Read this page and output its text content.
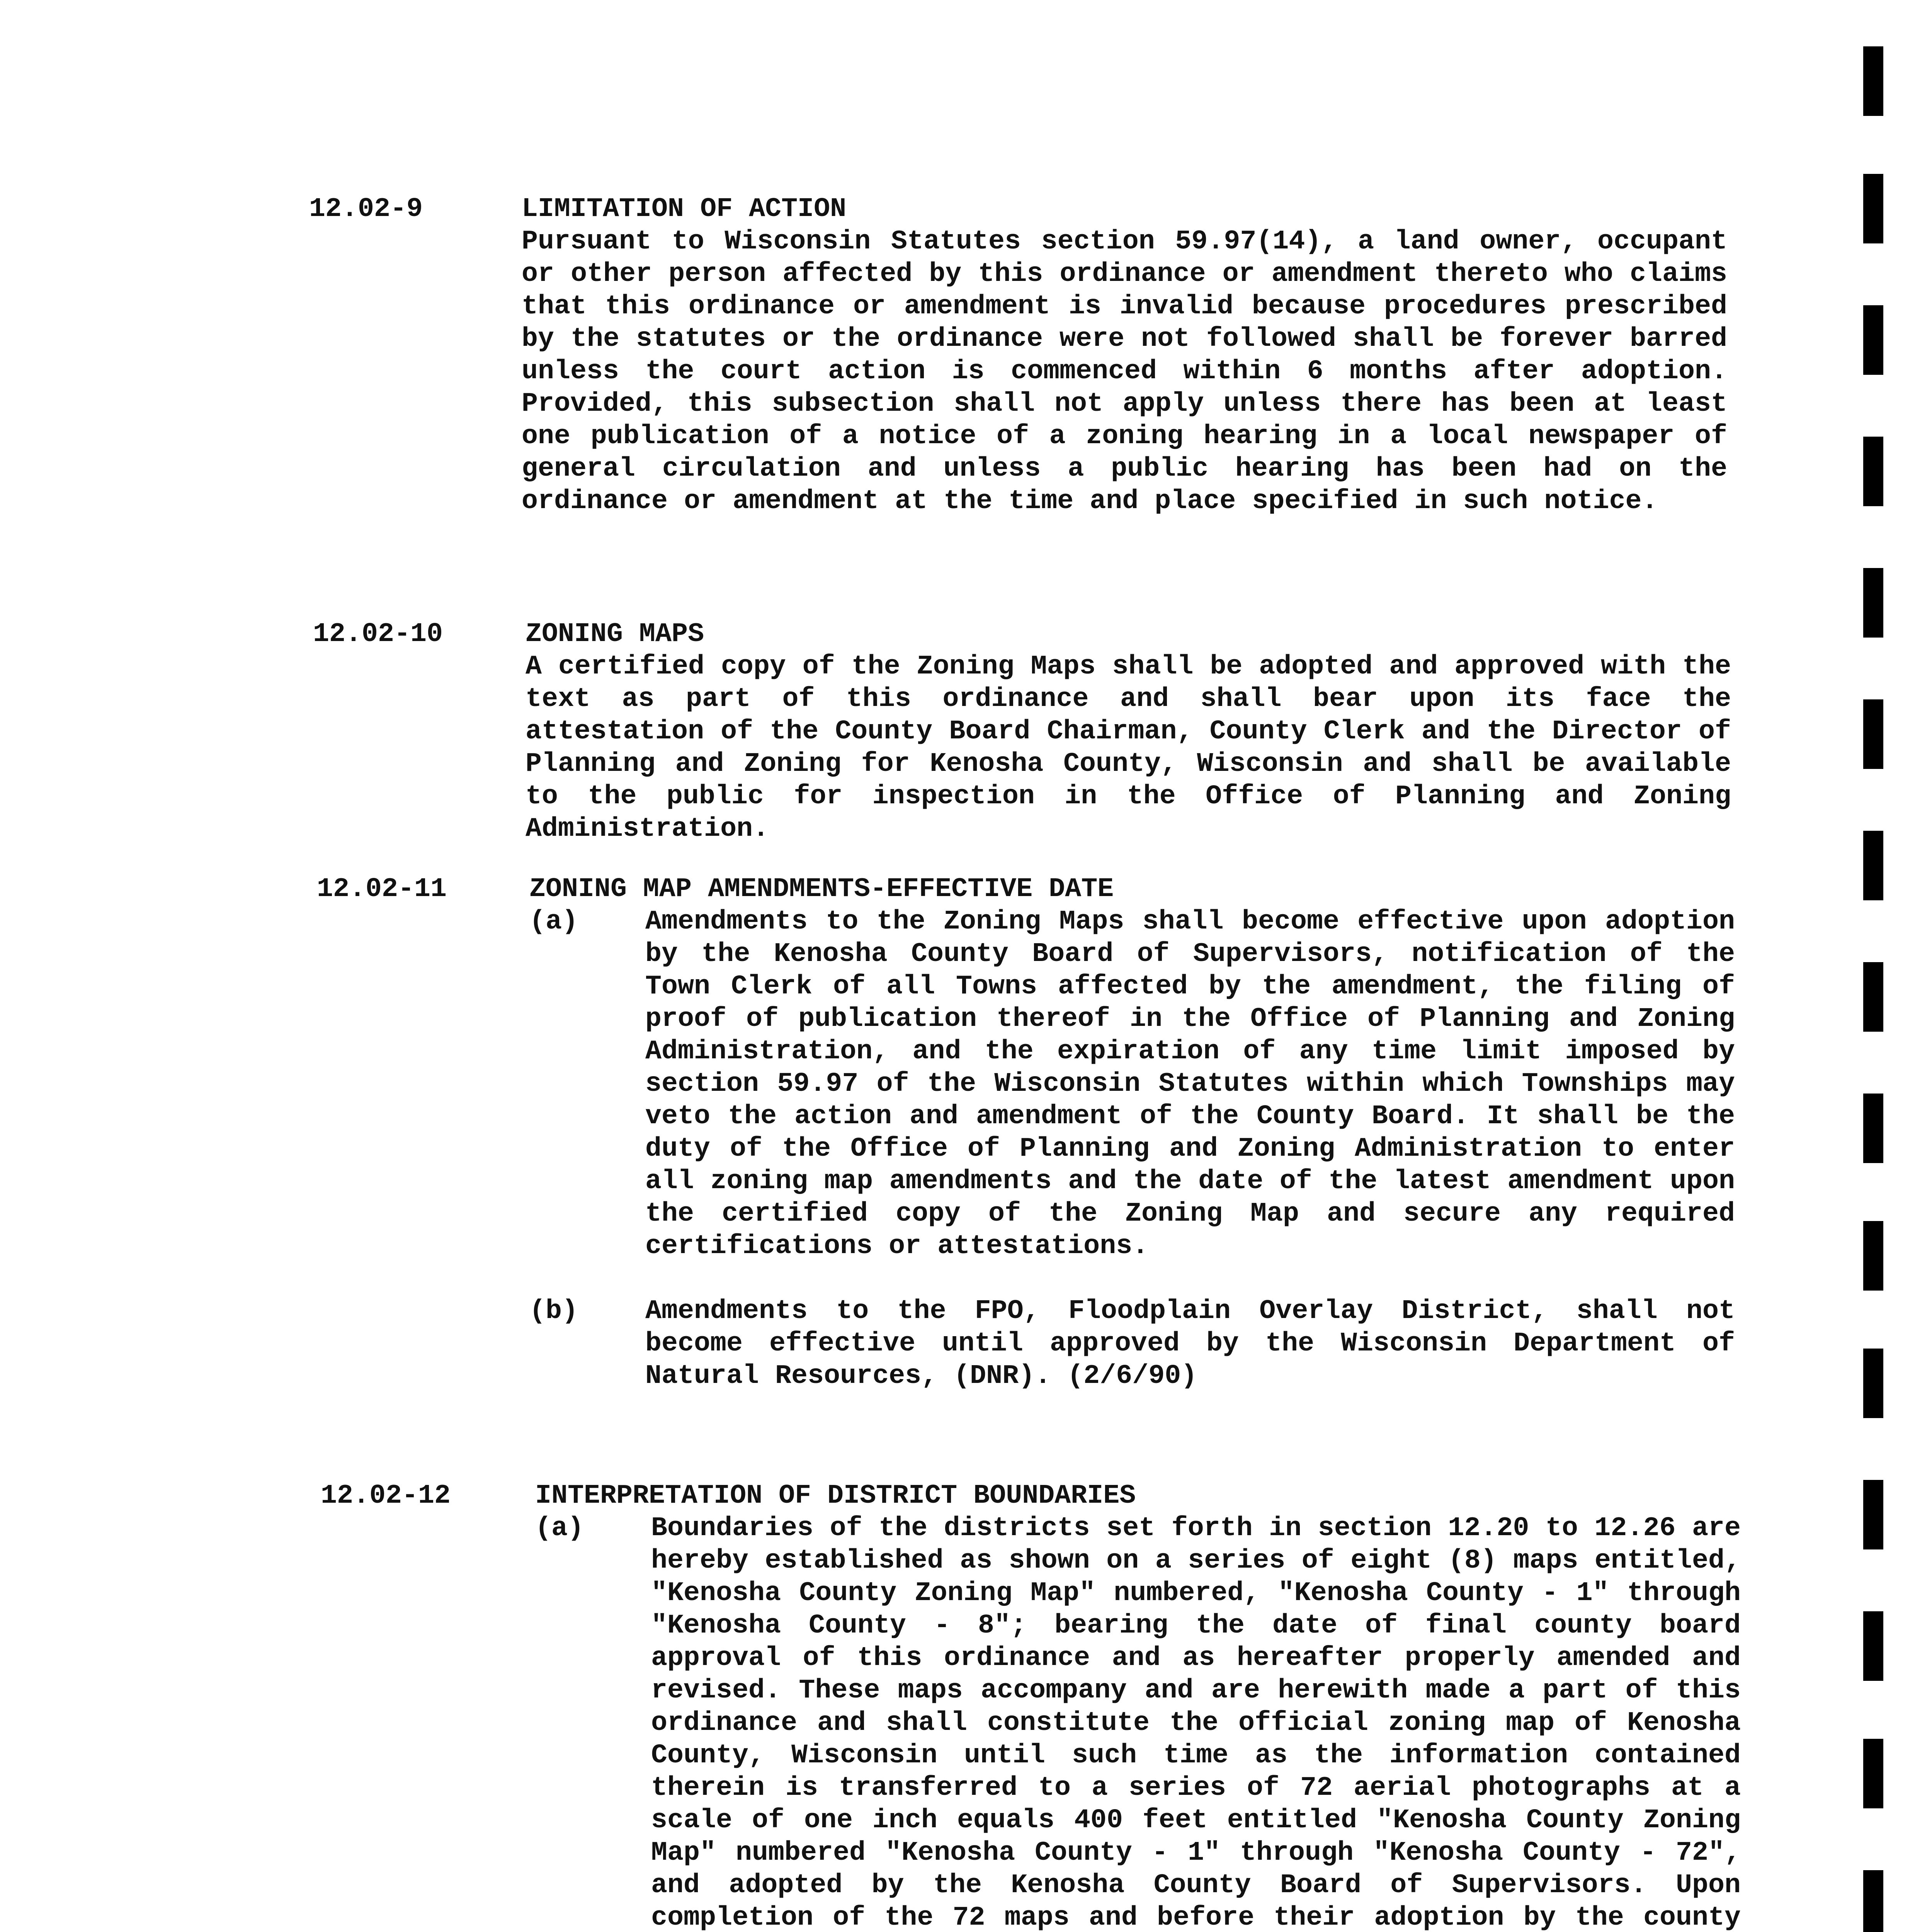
12.02-9	LIMITATION OF ACTION
Pursuant to Wisconsin Statutes section 59.97(14), a land owner, occupant or other person affected by this ordinance or amendment thereto who claims that this ordinance or amendment is invalid because procedures prescribed by the statutes or the ordinance were not followed shall be forever barred unless the court action is commenced within 6 months after adoption. Provided, this subsection shall not apply unless there has been at least one publication of a notice of a zoning hearing in a local newspaper of general circulation and unless a public hearing has been had on the ordinance or amendment at the time and place specified in such notice.
12.02-10	ZONING MAPS
A certified copy of the Zoning Maps shall be adopted and approved with the text as part of this ordinance and shall bear upon its face the attestation of the County Board Chairman, County Clerk and the Director of Planning and Zoning for Kenosha County, Wisconsin and shall be available to the public for inspection in the Office of Planning and Zoning Administration.
12.02-11	ZONING MAP AMENDMENTS-EFFECTIVE DATE
(a) Amendments to the Zoning Maps shall become effective upon adoption by the Kenosha County Board of Supervisors, notification of the Town Clerk of all Towns affected by the amendment, the filing of proof of publication thereof in the Office of Planning and Zoning Administration, and the expiration of any time limit imposed by section 59.97 of the Wisconsin Statutes within which Townships may veto the action and amendment of the County Board. It shall be the duty of the Office of Planning and Zoning Administration to enter all zoning map amendments and the date of the latest amendment upon the certified copy of the Zoning Map and secure any required certifications or attestations.
(b) Amendments to the FPO, Floodplain Overlay District, shall not become effective until approved by the Wisconsin Department of Natural Resources, (DNR). (2/6/90)
12.02-12	INTERPRETATION OF DISTRICT BOUNDARIES
(a) Boundaries of the districts set forth in section 12.20 to 12.26 are hereby established as shown on a series of eight (8) maps entitled, "Kenosha County Zoning Map" numbered, "Kenosha County - 1" through "Kenosha County - 8"; bearing the date of final county board approval of this ordinance and as hereafter properly amended and revised. These maps accompany and are herewith made a part of this ordinance and shall constitute the official zoning map of Kenosha County, Wisconsin until such time as the information contained therein is transferred to a series of 72 aerial photographs at a scale of one inch equals 400 feet entitled "Kenosha County Zoning Map" numbered "Kenosha County - 1" through "Kenosha County - 72", and adopted by the Kenosha County Board of Supervisors. Upon completion of the 72 maps and before their adoption by the county
